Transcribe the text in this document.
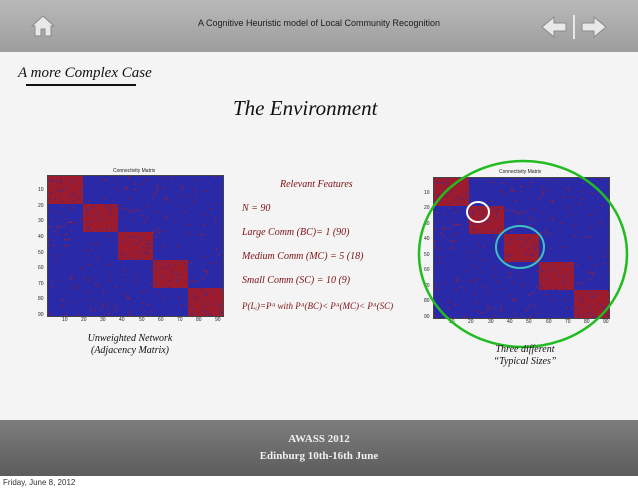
A Cognitive Heuristic model of Local Community Recognition
A more Complex Case
The Environment
Connectivity Matrix
10
20
30
40
50
60
70
80
90
10	20	30	40	50	60	70	80	90
Unweighted Network
(Adjacency Matrix)
Relevant Features
N = 90
Large Comm (BC)= 1 (90)
Medium Comm (MC) = 5 (18)
Small Comm (SC) = 10 (9)
P(Lᵢ)=Pᴬ with Pᴬ(BC)< Pᴬ(MC)< Pᴬ(SC)
Connectivity Matrix
10
20
30
40
50
60
70
80
90
10	20	30	40	50	60	70	80	90
Three different
“Typical Sizes”
AWASS 2012
Edinburg 10th-16th June
Friday, June 8, 2012
